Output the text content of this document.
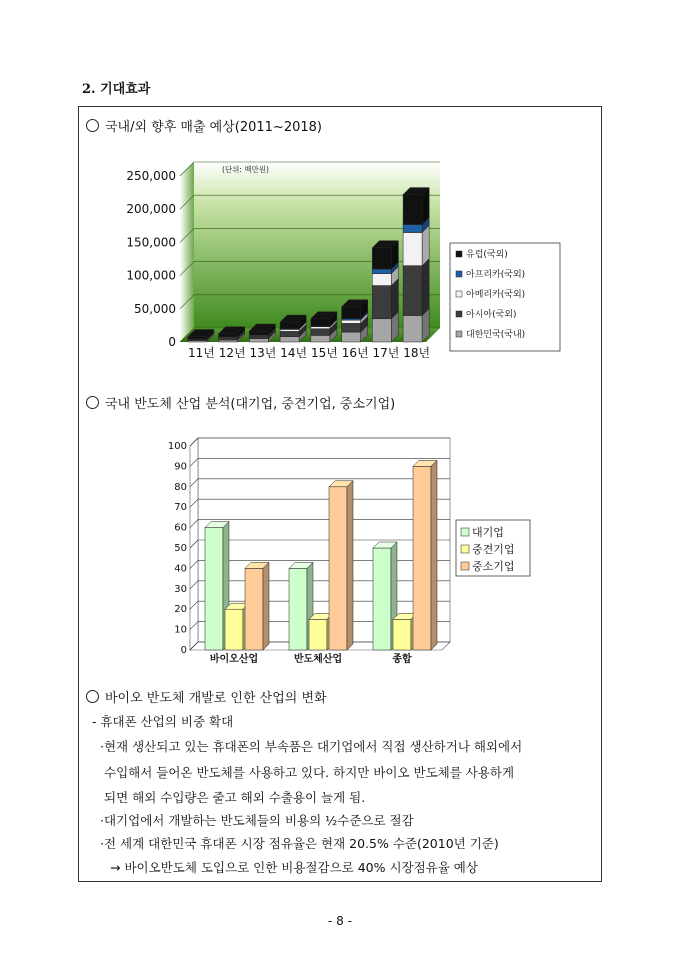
2. 기대효과
국내/외 향후 매출 예상(2011~2018)
250,000
200,000
150,000
100,000
50,000
0
11년 12년 13년 14년 15년 16년 17년 18년
(단위: 백만원)
유럽(국외)
아프리카(국외)
아메리카(국외)
아시아(국외)
대한민국(국내)
국내 반도체 산업 분석(대기업, 중견기업, 중소기업)
100
90
80
70
60
50
40
30
20
10
0
바이오산업	반도체산업	종합
대기업
중견기업
중소기업
바이오 반도체 개발로 인한 산업의 변화
- 휴대폰 산업의 비중 확대
·현재 생산되고 있는 휴대폰의 부속품은 대기업에서 직접 생산하거나 해외에서
수입해서 들어온 반도체를 사용하고 있다. 하지만 바이오 반도체를 사용하게
되면 해외 수입량은 줄고 해외 수출용이 늘게 됨.
·대기업에서 개발하는 반도체들의 비용의 ½수준으로 절감
·전 세계 대한민국 휴대폰 시장 점유율은 현재 20.5% 수준(2010년 기준)
→ 바이오반도체 도입으로 인한 비용절감으로 40% 시장점유율 예상
- 8 -
